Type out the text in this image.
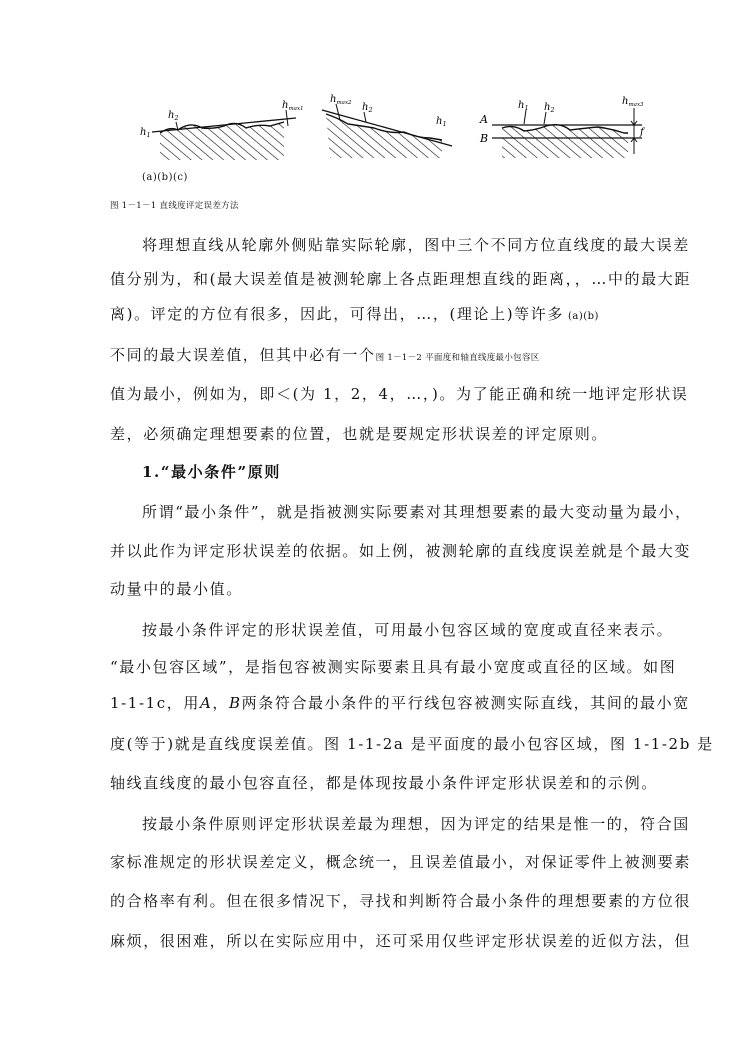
$h_1$
$h_2$
$h_{max1}$
$h_{max2}$ $h_2$
$h_1$	A
B
$h_1$ $h_2$
$h_{max3}$
f
(a)(b)(c)
图 1－1－1 直线度评定误差方法
将理想直线从轮廓外侧贴靠实际轮廓，图中三个不同方位直线度的最大误差
值分别为，和(最大误差值是被测轮廓上各点距理想直线的距离，，…中的最大距
离)。评定的方位有很多，因此，可得出，…，(理论上)等许多 (a)(b)
不同的最大误差值，但其中必有一个图 1－1－2 平面度和轴直线度最小包容区
值为最小，例如为，即＜(为 1，2，4，…，)。为了能正确和统一地评定形状误
差，必须确定理想要素的位置，也就是要规定形状误差的评定原则。
1.“最小条件”原则
所谓“最小条件”，就是指被测实际要素对其理想要素的最大变动量为最小，
并以此作为评定形状误差的依据。如上例，被测轮廓的直线度误差就是个最大变
动量中的最小值。
按最小条件评定的形状误差值，可用最小包容区域的宽度或直径来表示。
“最小包容区域”，是指包容被测实际要素且具有最小宽度或直径的区域。如图
1-1-1c，用A，B两条符合最小条件的平行线包容被测实际直线，其间的最小宽
度(等于)就是直线度误差值。图 1-1-2a 是平面度的最小包容区域，图 1-1-2b 是
轴线直线度的最小包容直径，都是体现按最小条件评定形状误差和的示例。
按最小条件原则评定形状误差最为理想，因为评定的结果是惟一的，符合国
家标准规定的形状误差定义，概念统一，且误差值最小，对保证零件上被测要素
的合格率有利。但在很多情况下，寻找和判断符合最小条件的理想要素的方位很
麻烦，很困难，所以在实际应用中，还可采用仅些评定形状误差的近似方法，但
